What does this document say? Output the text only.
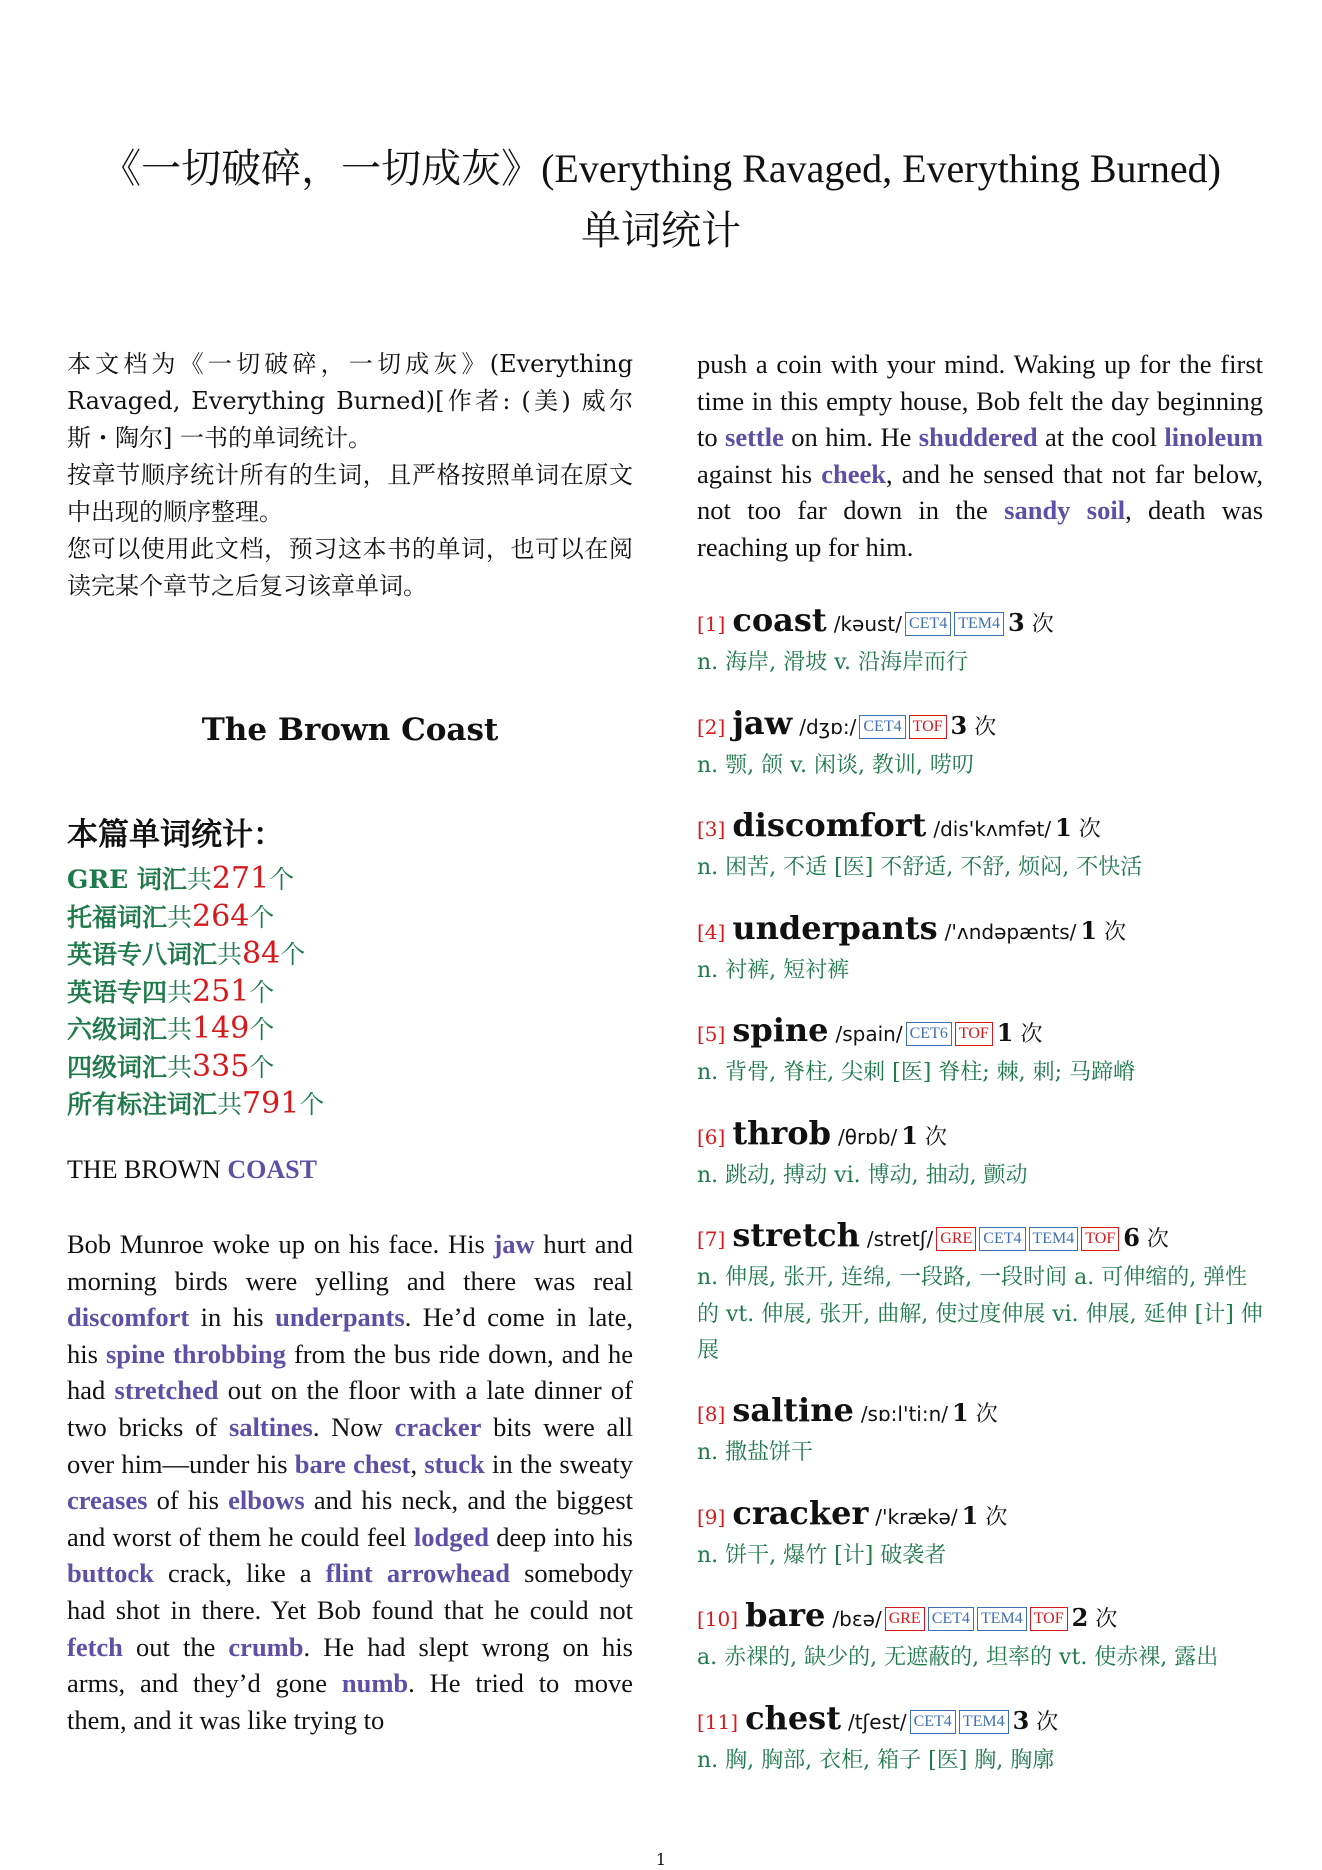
《一切破碎，一切成灰》(Everything Ravaged, Everything Burned)
单词统计

本文档为《一切破碎，一切成灰》(Everything Ravaged, Everything Burned)[作者: (美) 威尔斯・陶尔] 一书的单词统计。

按章节顺序统计所有的生词，且严格按照单词在原文中出现的顺序整理。

您可以使用此文档，预习这本书的单词，也可以在阅读完某个章节之后复习该章单词。

The Brown Coast
本篇单词统计：
GRE 词汇共271个
托福词汇共264个
英语专八词汇共84个
英语专四共251个
六级词汇共149个
四级词汇共335个
所有标注词汇共791个
THE BROWN COAST
Bob Munroe woke up on his face. His jaw hurt and morning birds were yelling and there was real discomfort in his underpants. He’d come in late, his spine throbbing from the bus ride down, and he had stretched out on the floor with a late dinner of two bricks of saltines. Now cracker bits were all over him—under his bare chest, stuck in the sweaty creases of his elbows and his neck, and the biggest and worst of them he could feel lodged deep into his buttock crack, like a flint arrowhead somebody had shot in there. Yet Bob found that he could not fetch out the crumb. He had slept wrong on his arms, and they’d gone numb. He tried to move them, and it was like trying to

push a coin with your mind. Waking up for the first time in this empty house, Bob felt the day beginning to settle on him. He shuddered at the cool linoleum against his cheek, and he sensed that not far below, not too far down in the sandy soil, death was reaching up for him.

[1] coast /kəust/ CET4 TEM4 3 次

n. 海岸, 滑坡 v. 沿海岸而行

[2] jaw /dʒɒ:/ CET4 TOF 3 次

n. 颚, 颌 v. 闲谈, 教训, 唠叨

[3] discomfort /dis'kʌmfət/ 1 次

n. 困苦, 不适 [医] 不舒适, 不舒, 烦闷, 不快活

[4] underpants /'ʌndəpænts/ 1 次

n. 衬裤, 短衬裤

[5] spine /spain/ CET6 TOF 1 次

n. 背骨, 脊柱, 尖刺 [医] 脊柱; 棘, 刺; 马蹄嵴

[6] throb /θrɒb/ 1 次

n. 跳动, 搏动 vi. 博动, 抽动, 颤动

[7] stretch /stretʃ/ GRE CET4 TEM4 TOF 6 次

n. 伸展, 张开, 连绵, 一段路, 一段时间 a. 可伸缩的, 弹性的 vt. 伸展, 张开, 曲解, 使过度伸展 vi. 伸展, 延伸 [计] 伸展

[8] saltine /sɒ:l'ti:n/ 1 次

n. 撒盐饼干

[9] cracker /'krækə/ 1 次

n. 饼干, 爆竹 [计] 破袭者

[10] bare /bɛə/ GRE CET4 TEM4 TOF 2 次

a. 赤裸的, 缺少的, 无遮蔽的, 坦率的 vt. 使赤裸, 露出

[11] chest /tʃest/ CET4 TEM4 3 次

n. 胸, 胸部, 衣柜, 箱子 [医] 胸, 胸廓

1
